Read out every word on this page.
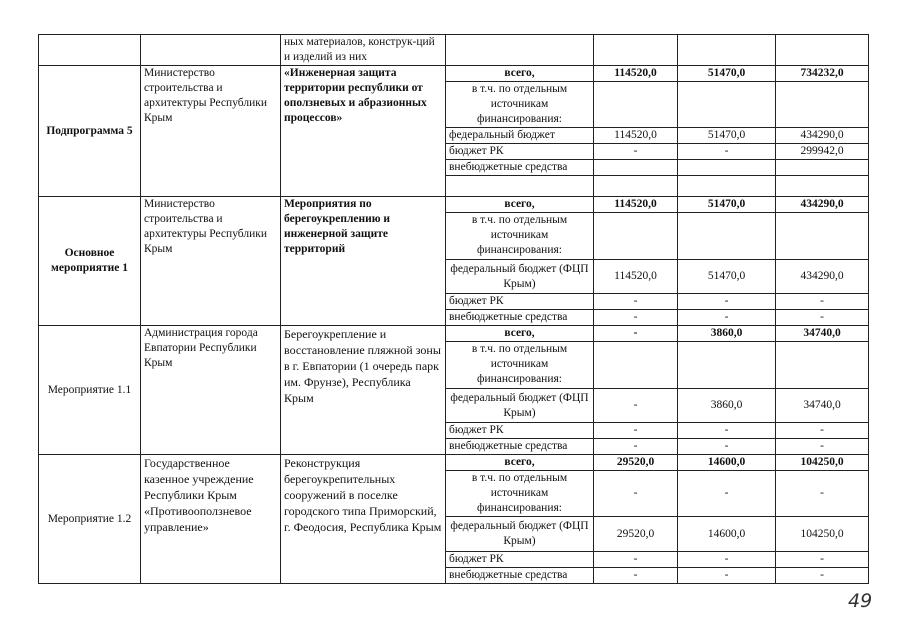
		ных материалов, конструк-ций и изделий из них				
Подпрограмма 5	Министерство строительства и архитектуры Республики Крым	«Инженерная защита территории республики от оползневых и абразионных процессов»	всего,	114520,0	51470,0	734232,0
			в т.ч. по отдельным источникам финансирования:			
			федеральный бюджет	114520,0	51470,0	434290,0
			бюджет РК	-	-	299942,0
			внебюджетные средства			

Основное мероприятие 1	Министерство строительства и архитектуры Республики Крым	Мероприятия по берегоукреплению и инженерной защите территорий	всего,	114520,0	51470,0	434290,0
			в т.ч. по отдельным источникам финансирования:			
			федеральный бюджет (ФЦП Крым)	114520,0	51470,0	434290,0
			бюджет РК	-	-	-
			внебюджетные средства	-	-	-
Мероприятие 1.1	Администрация города Евпатории Республики Крым	Берегоукрепление и восстановление пляжной зоны в г. Евпатории (1 очередь парк им. Фрунзе), Республика Крым	всего,	-	3860,0	34740,0
			в т.ч. по отдельным источникам финансирования:			
			федеральный бюджет (ФЦП Крым)	-	3860,0	34740,0
			бюджет РК	-	-	-
			внебюджетные средства	-	-	-
Мероприятие 1.2	Государственное казенное учреждение Республики Крым «Противооползневое управление»	Реконструкция берегоукрепительных сооружений в поселке городского типа Приморский, г. Феодосия, Республика Крым	всего,	29520,0	14600,0	104250,0
			в т.ч. по отдельным источникам финансирования:	-	-	-
			федеральный бюджет (ФЦП Крым)	29520,0	14600,0	104250,0
			бюджет РК	-	-	-
			внебюджетные средства	-	-	-
49
